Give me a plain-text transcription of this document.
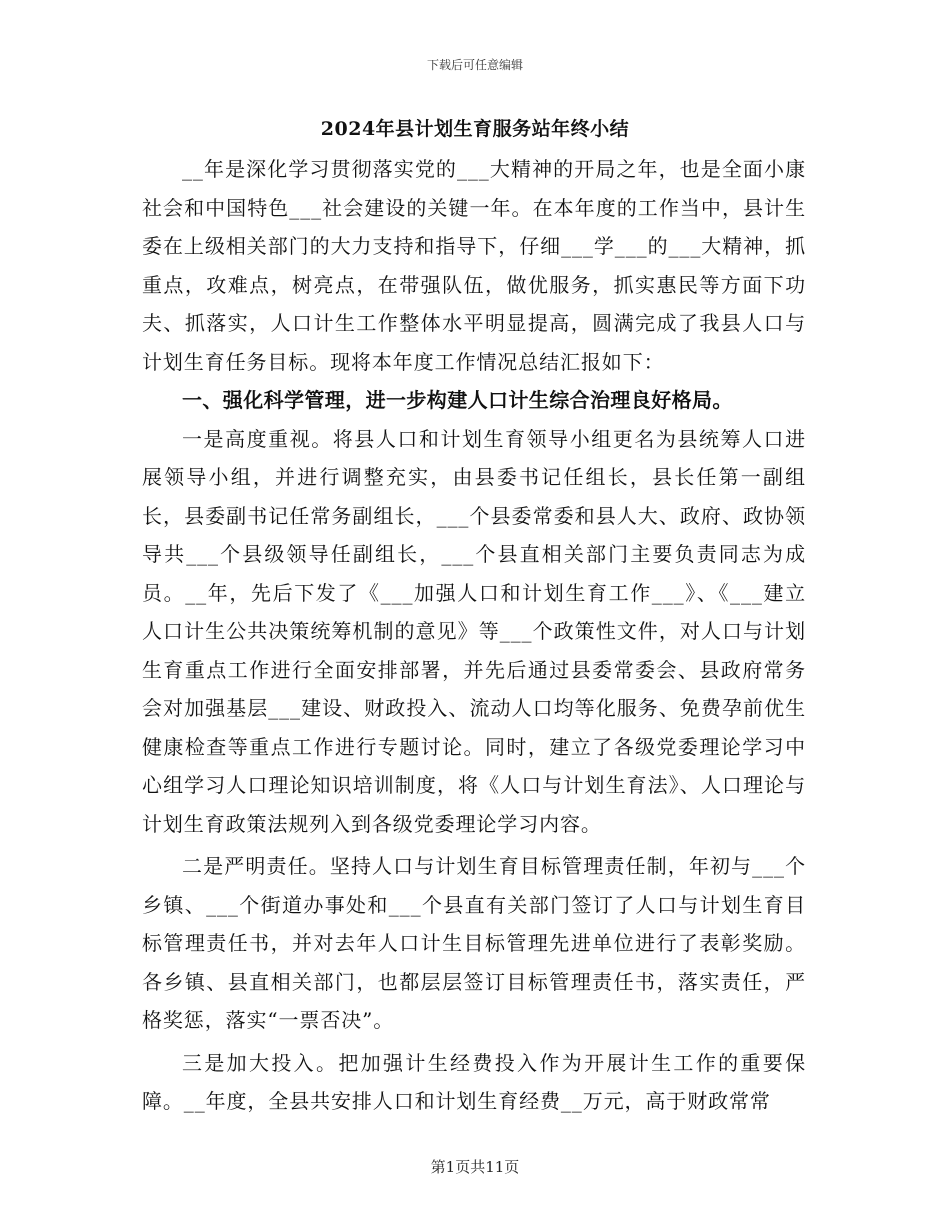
下载后可任意编辑
2024年县计划生育服务站年终小结

__年是深化学习贯彻落实党的___大精神的开局之年，也是全面小康社会和中国特色___社会建设的关键一年。在本年度的工作当中，县计生委在上级相关部门的大力支持和指导下，仔细___学___的___大精神，抓重点，攻难点，树亮点，在带强队伍，做优服务，抓实惠民等方面下功夫、抓落实，人口计生工作整体水平明显提高，圆满完成了我县人口与计划生育任务目标。现将本年度工作情况总结汇报如下：

一、强化科学管理，进一步构建人口计生综合治理良好格局。

一是高度重视。将县人口和计划生育领导小组更名为县统筹人口进展领导小组，并进行调整充实，由县委书记任组长，县长任第一副组长，县委副书记任常务副组长，___个县委常委和县人大、政府、政协领导共___个县级领导任副组长，___个县直相关部门主要负责同志为成员。__年，先后下发了《___加强人口和计划生育工作___》、《___建立人口计生公共决策统筹机制的意见》等___个政策性文件，对人口与计划生育重点工作进行全面安排部署，并先后通过县委常委会、县政府常务会对加强基层___建设、财政投入、流动人口均等化服务、免费孕前优生健康检查等重点工作进行专题讨论。同时，建立了各级党委理论学习中心组学习人口理论知识培训制度，将《人口与计划生育法》、人口理论与计划生育政策法规列入到各级党委理论学习内容。

二是严明责任。坚持人口与计划生育目标管理责任制，年初与___个乡镇、___个街道办事处和___个县直有关部门签订了人口与计划生育目标管理责任书，并对去年人口计生目标管理先进单位进行了表彰奖励。各乡镇、县直相关部门，也都层层签订目标管理责任书，落实责任，严格奖惩，落实“一票否决”。

三是加大投入。把加强计生经费投入作为开展计生工作的重要保障。__年度，全县共安排人口和计划生育经费__万元，高于财政常常

第1页共11页
